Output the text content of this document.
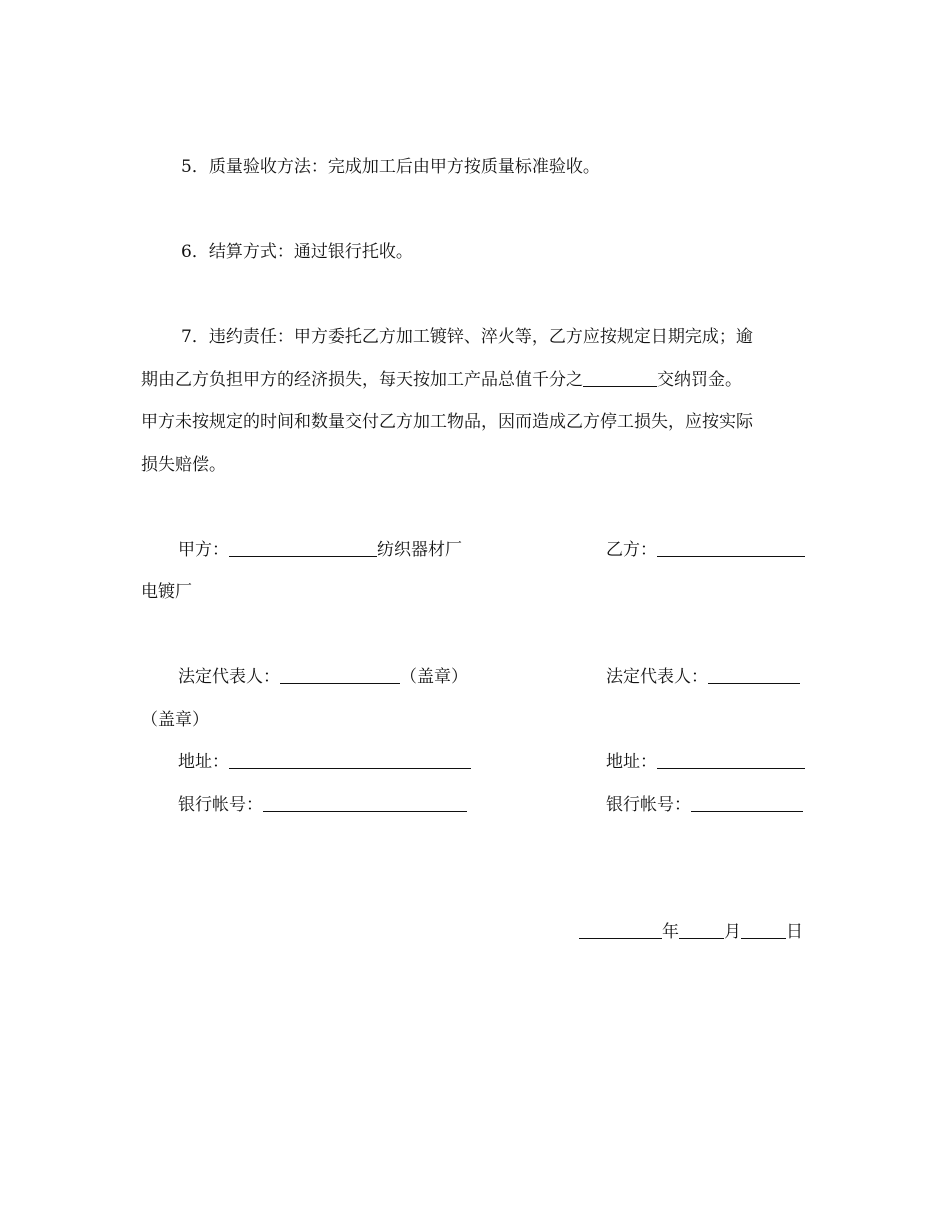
5．质量验收方法：完成加工后由甲方按质量标准验收。
6．结算方式：通过银行托收。
7．违约责任：甲方委托乙方加工镀锌、淬火等，乙方应按规定日期完成；逾
期由乙方负担甲方的经济损失，每天按加工产品总值千分之	交纳罚金。
甲方未按规定的时间和数量交付乙方加工物品，因而造成乙方停工损失，应按实际
损失赔偿。
甲方：	纺织器材厂	乙方：
电镀厂
法定代表人：	（盖章）	法定代表人：
（盖章）
地址：	地址：
银行帐号：	银行帐号：
年	月	日
